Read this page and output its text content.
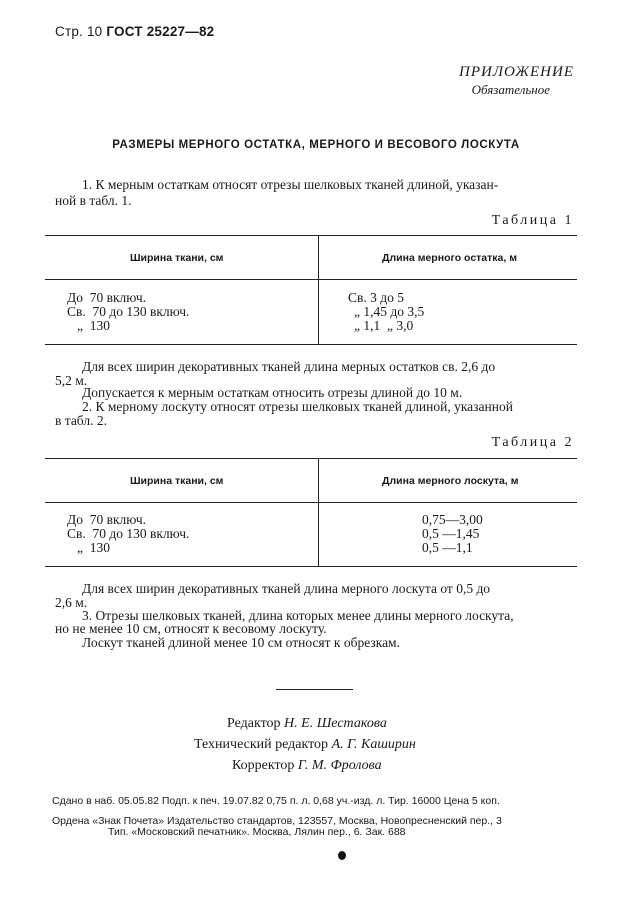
Стр. 10 ГОСТ 25227—82
ПРИЛОЖЕНИЕ
Обязательное
РАЗМЕРЫ МЕРНОГО ОСТАТКА, МЕРНОГО И ВЕСОВОГО ЛОСКУТА
1. К мерным остаткам относят отрезы шелковых тканей длиной, указан-
ной в табл. 1.
Таблица 1
Ширина ткани, см	Длина мерного остатка, м
До  70 включ.
Св.  70 до 130 включ.
„  130
Св. 3 до 5
„ 1,45 до 3,5
„ 1,1  „ 3,0
Для всех ширин декоративных тканей длина мерных остатков св. 2,6 до
5,2 м.
Допускается к мерным остаткам относить отрезы длиной до 10 м.
2. К мерному лоскуту относят отрезы шелковых тканей длиной, указанной
в табл. 2.
Таблица 2
Ширина ткани, см	Длина мерного лоскута, м
До  70 включ.
Св.  70 до 130 включ.
„  130
0,75—3,00
0,5 —1,45
0,5 —1,1
Для всех ширин декоративных тканей длина мерного лоскута от 0,5 до
2,6 м.
3. Отрезы шелковых тканей, длина которых менее длины мерного лоскута,
но не менее 10 см, относят к весовому лоскуту.
Лоскут тканей длиной менее 10 см относят к обрезкам.
Редактор Н. Е. Шестакова
Технический редактор А. Г. Каширин
Корректор Г. М. Фролова
Сдано в наб. 05.05.82 Подп. к печ. 19.07.82 0,75 п. л. 0,68 уч.-изд. л. Тир. 16000 Цена 5 коп.
Ордена «Знак Почета» Издательство стандартов, 123557, Москва, Новопресненский пер., 3
Тип. «Московский печатник». Москва, Лялин пер., 6. Зак. 688
